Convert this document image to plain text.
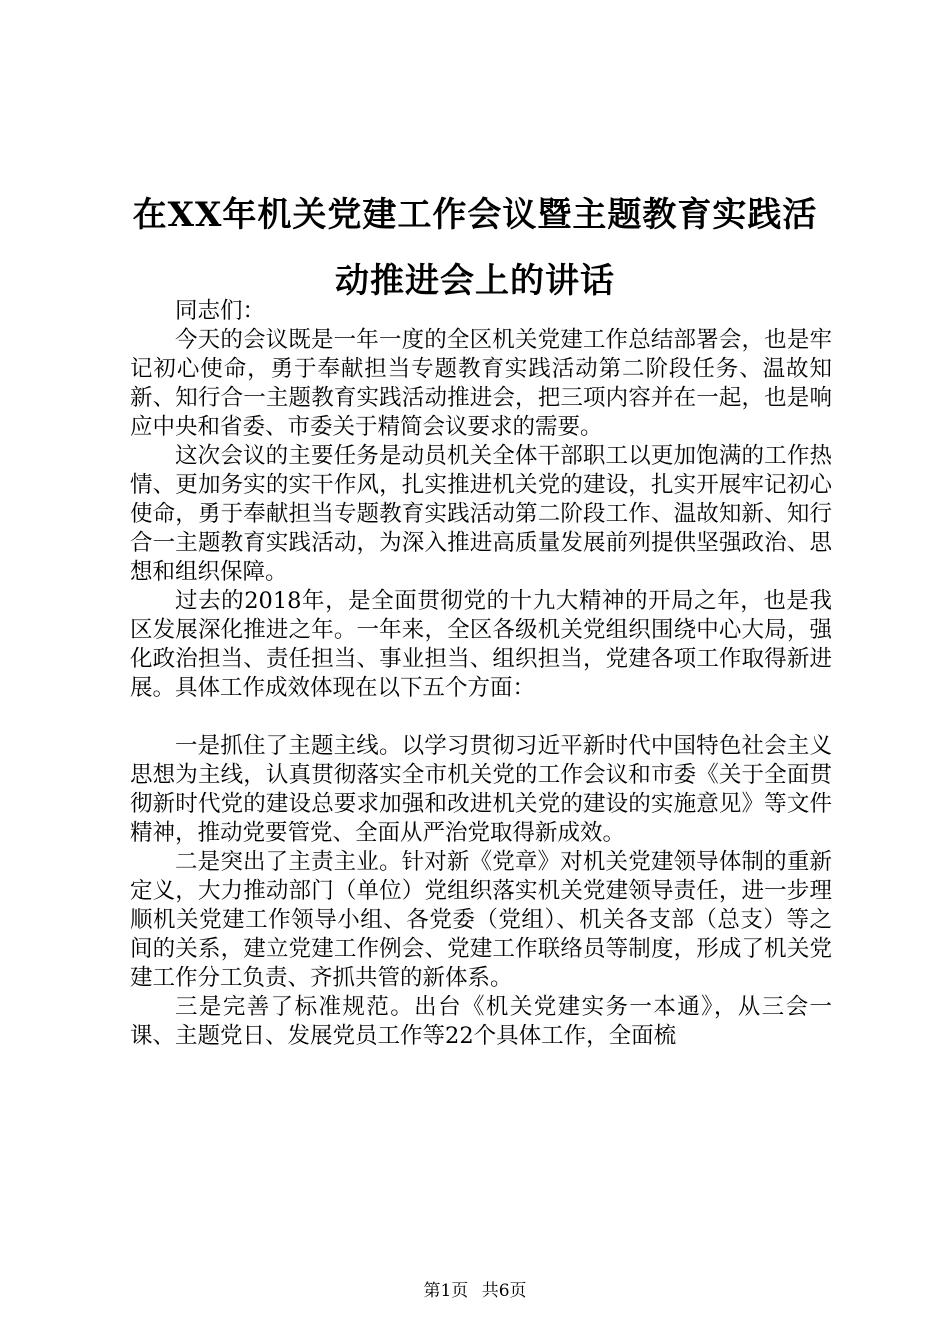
在XX年机关党建工作会议暨主题教育实践活
动推进会上的讲话

同志们：

今天的会议既是一年一度的全区机关党建工作总结部署会，也是牢记初心使命，勇于奉献担当专题教育实践活动第二阶段任务、温故知新、知行合一主题教育实践活动推进会，把三项内容并在一起，也是响应中央和省委、市委关于精简会议要求的需要。

这次会议的主要任务是动员机关全体干部职工以更加饱满的工作热情、更加务实的实干作风，扎实推进机关党的建设，扎实开展牢记初心使命，勇于奉献担当专题教育实践活动第二阶段工作、温故知新、知行合一主题教育实践活动，为深入推进高质量发展前列提供坚强政治、思想和组织保障。

过去的2018年，是全面贯彻党的十九大精神的开局之年，也是我区发展深化推进之年。一年来，全区各级机关党组织围绕中心大局，强化政治担当、责任担当、事业担当、组织担当，党建各项工作取得新进展。具体工作成效体现在以下五个方面：

一是抓住了主题主线。以学习贯彻习近平新时代中国特色社会主义思想为主线，认真贯彻落实全市机关党的工作会议和市委《关于全面贯彻新时代党的建设总要求加强和改进机关党的建设的实施意见》等文件精神，推动党要管党、全面从严治党取得新成效。

二是突出了主责主业。针对新《党章》对机关党建领导体制的重新定义，大力推动部门（单位）党组织落实机关党建领导责任，进一步理顺机关党建工作领导小组、各党委（党组）、机关各支部（总支）等之间的关系，建立党建工作例会、党建工作联络员等制度，形成了机关党建工作分工负责、齐抓共管的新体系。

三是完善了标准规范。出台《机关党建实务一本通》，从三会一课、主题党日、发展党员工作等22个具体工作，全面梳

第1页 共6页
